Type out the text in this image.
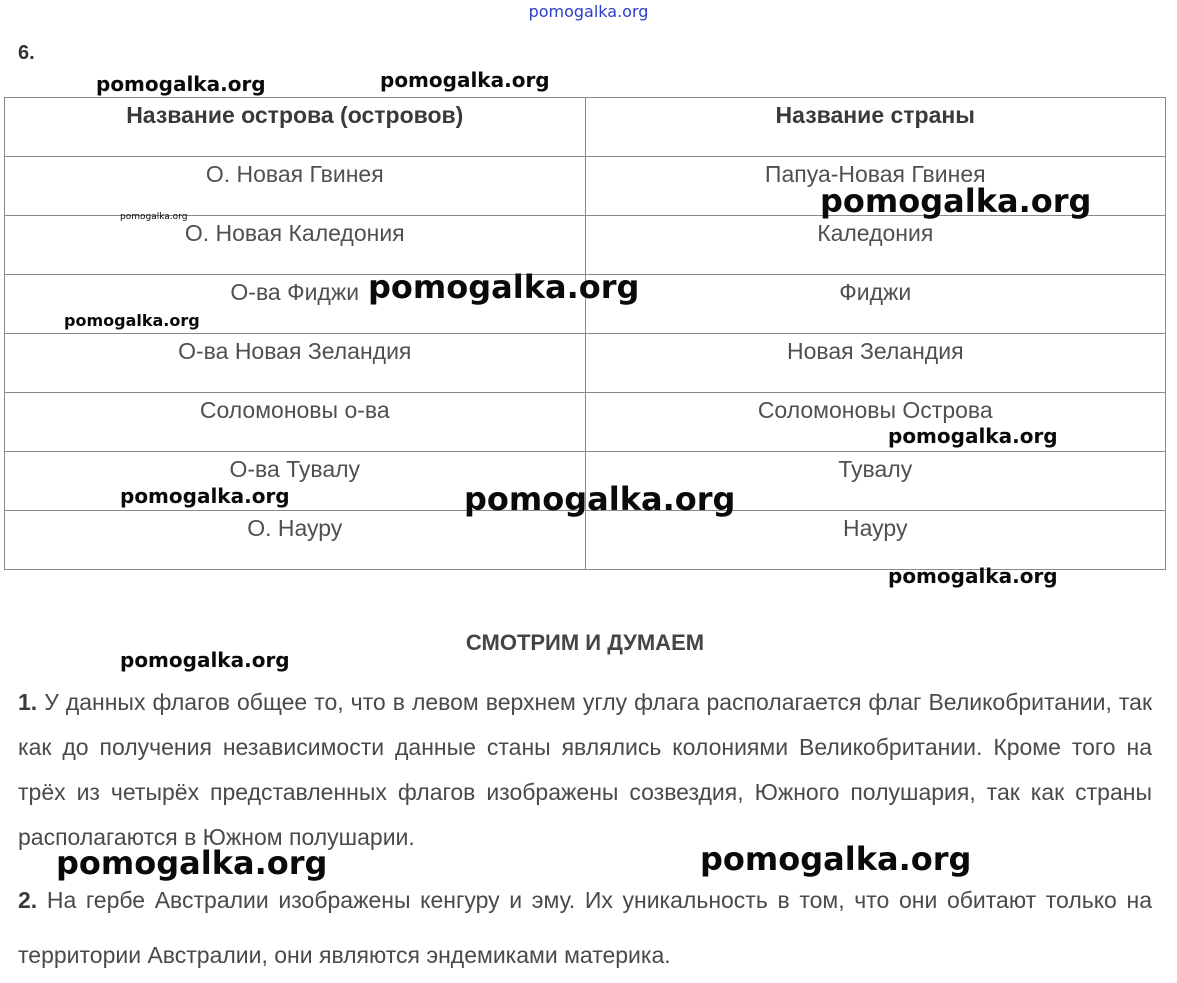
pomogalka.org
6.
Название острова (островов)	Название страны

О. Новая Гвинея	Папуа-Новая Гвинея

О. Новая Каледония	Каледония

О-ва Фиджи	Фиджи

О-ва Новая Зеландия	Новая Зеландия

Соломоновы о-ва	Соломоновы Острова

О-ва Тувалу	Тувалу

О. Науру	Науру
СМОТРИМ И ДУМАЕМ
1. У данных флагов общее то, что в левом верхнем углу флага располагается флаг Великобритании, так как до получения независимости данные станы являлись колониями Великобритании. Кроме того на трёх из четырёх представленных флагов изображены созвездия, Южного полушария, так как страны располагаются в Южном полушарии.
2. На гербе Австралии изображены кенгуру и эму. Их уникальность в том, что они обитают только на территории Австралии, они являются эндемиками материка.
pomogalka.org	pomogalka.org
pomogalka.org
pomogalka.org
pomogalka.org
pomogalka.org
pomogalka.org
pomogalka.org	pomogalka.org
pomogalka.org
pomogalka.org
pomogalka.org	pomogalka.org
